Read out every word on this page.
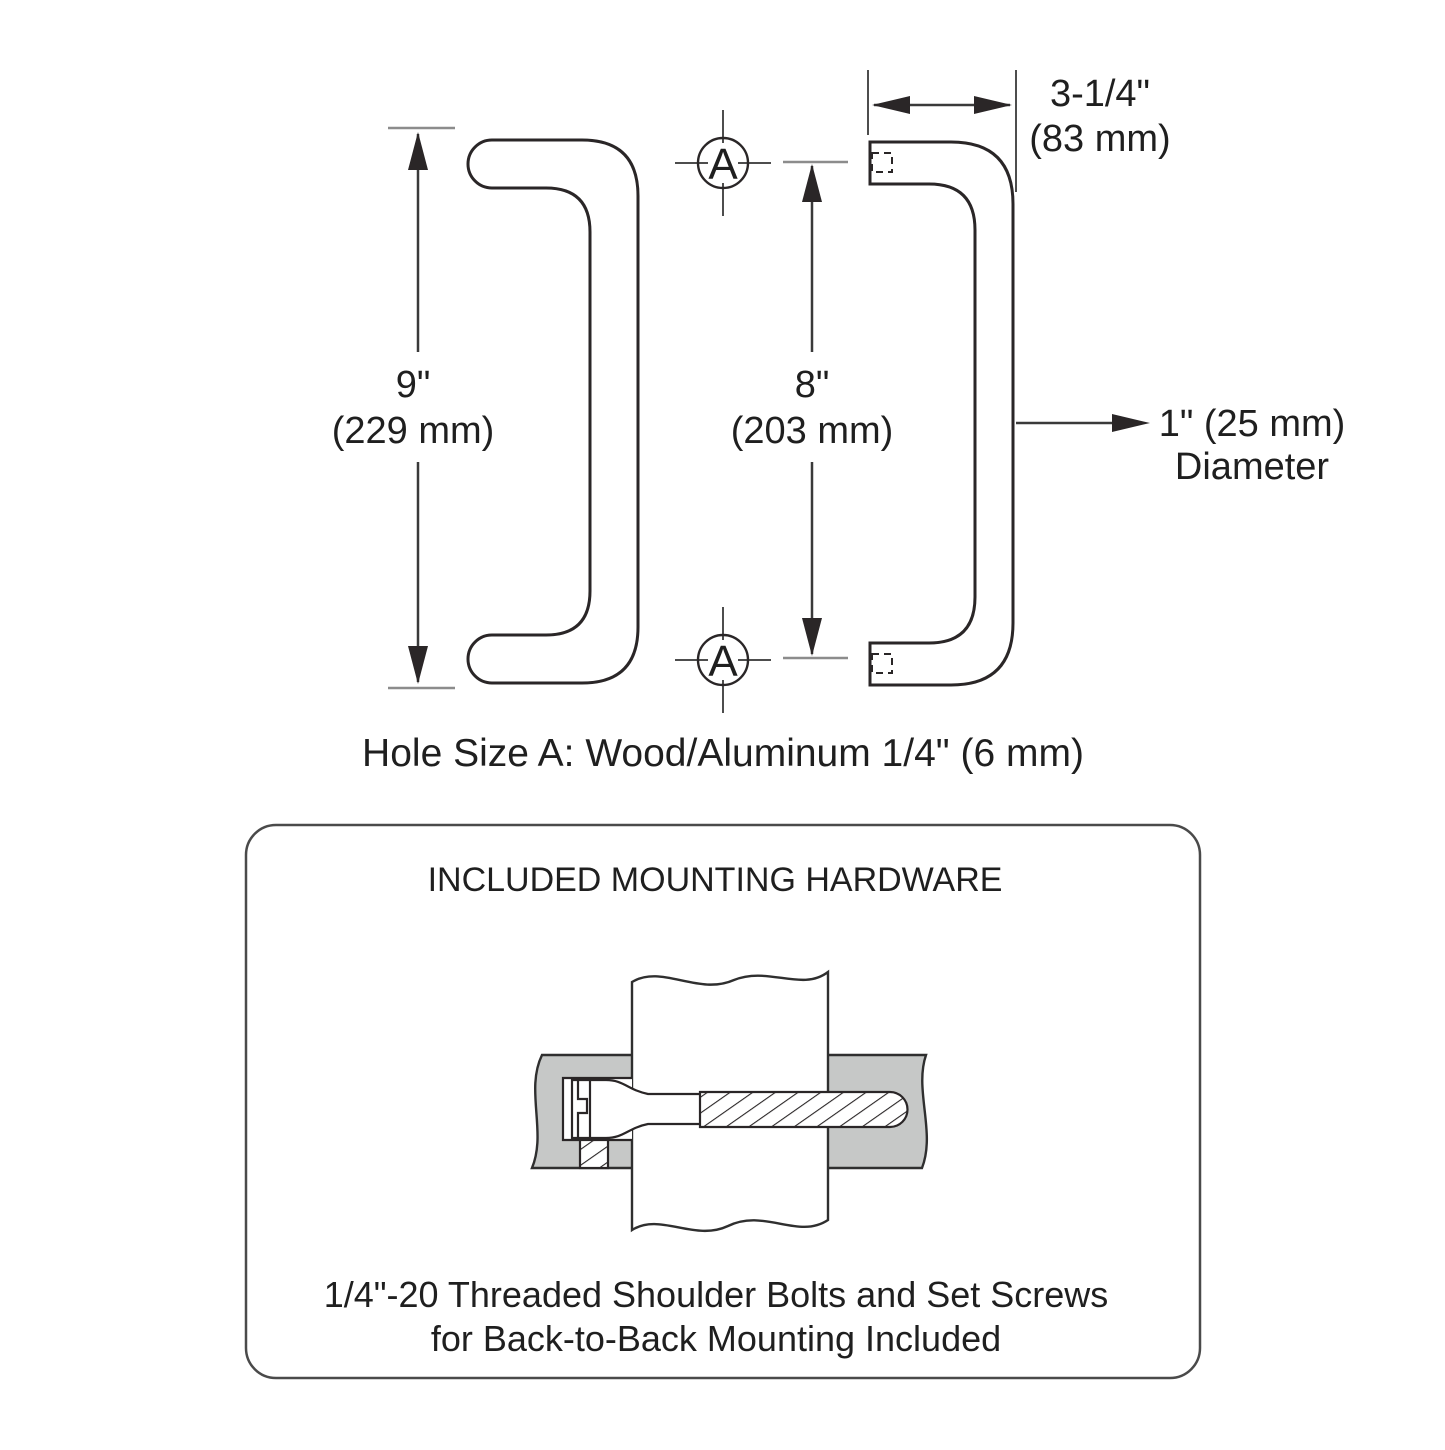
9"
(229 mm)
A
A
8"
(203 mm)
3-1/4"
(83 mm)
1" (25 mm)
Diameter
Hole Size A: Wood/Aluminum 1/4" (6 mm)
INCLUDED MOUNTING HARDWARE
1/4"-20 Threaded Shoulder Bolts and Set Screws
for Back-to-Back Mounting Included
